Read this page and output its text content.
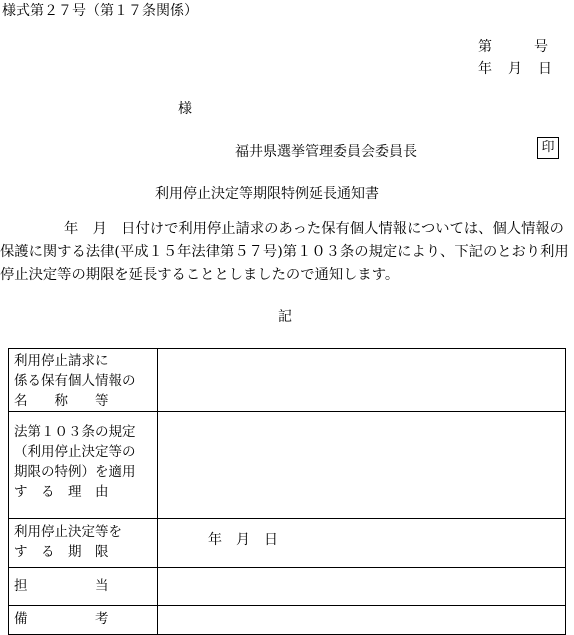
様式第２７号（第１７条関係）
第	号
年 月 日
様
福井県選挙管理委員会委員長	印
利用停止決定等期限特例延長通知書
年　月　日付けで利用停止請求のあった保有個人情報については、個人情報の保護に関する法律(平成１５年法律第５７号)第１０３条の規定により、下記のとおり利用停止決定等の期限を延長することとしましたので通知します。
記
利用停止請求に
係る保有個人情報の
名　　称　　等	

法第１０３条の規定
（利用停止決定等の
期限の特例）を適用
す　る　理　由	

利用停止決定等を
す　る　期　限	年 月 日

担　　　　　当	

備　　　　　考	
